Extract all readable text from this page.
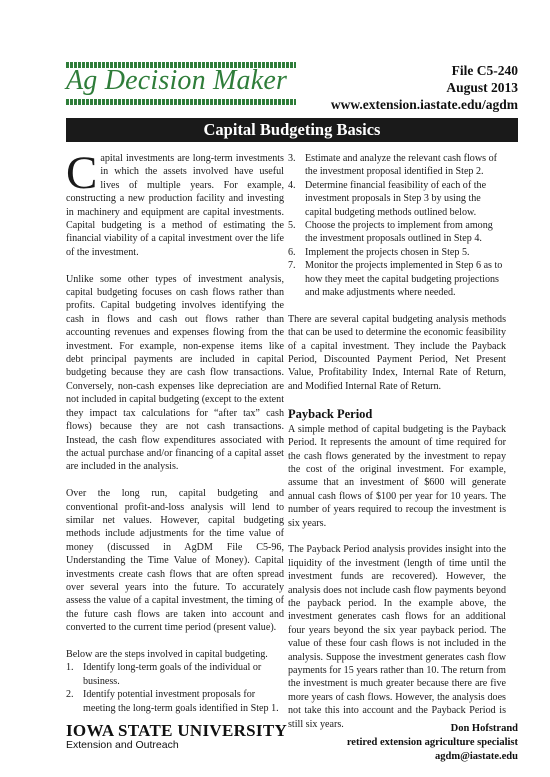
Ag Decision Maker	File C5-240
August 2013
www.extension.iastate.edu/agdm
Capital Budgeting Basics

Capital investments are long-term investments in which the assets involved have useful lives of multiple years. For example, constructing a new production facility and investing in machinery and equipment are capital investments. Capital budgeting is a method of estimating the financial viability of a capital investment over the life of the investment.

Unlike some other types of investment analysis, capital budgeting focuses on cash flows rather than profits. Capital budgeting involves identifying the cash in flows and cash out flows rather than accounting revenues and expenses flowing from the investment. For example, non-expense items like debt principal payments are included in capital budgeting because they are cash flow transactions. Conversely, non-cash expenses like depreciation are not included in capital budgeting (except to the extent they impact tax calculations for “after tax” cash flows) because they are not cash transactions. Instead, the cash flow expenditures associated with the actual purchase and/or financing of a capital asset are included in the analysis.

Over the long run, capital budgeting and conventional profit-and-loss analysis will lend to similar net values. However, capital budgeting methods include adjustments for the time value of money (discussed in AgDM File C5-96, Understanding the Time Value of Money). Capital investments create cash flows that are often spread over several years into the future. To accurately assess the value of a capital investment, the timing of the future cash flows are taken into account and converted to the current time period (present value).

Below are the steps involved in capital budgeting.

1. Identify long-term goals of the individual or business.
2. Identify potential investment proposals for meeting the long-term goals identified in Step 1.
3. Estimate and analyze the relevant cash flows of the investment proposal identified in Step 2.
4. Determine financial feasibility of each of the investment proposals in Step 3 by using the capital budgeting methods outlined below.
5. Choose the projects to implement from among the investment proposals outlined in Step 4.
6. Implement the projects chosen in Step 5.
7. Monitor the projects implemented in Step 6 as to how they meet the capital budgeting projections and make adjustments where needed.

There are several capital budgeting analysis methods that can be used to determine the economic feasibility of a capital investment. They include the Payback Period, Discounted Payment Period, Net Present Value, Profitability Index, Internal Rate of Return, and Modified Internal Rate of Return.

Payback Period

A simple method of capital budgeting is the Payback Period. It represents the amount of time required for the cash flows generated by the investment to repay the cost of the original investment. For example, assume that an investment of $600 will generate annual cash flows of $100 per year for 10 years. The number of years required to recoup the investment is six years.

The Payback Period analysis provides insight into the liquidity of the investment (length of time until the investment funds are recovered). However, the analysis does not include cash flow payments beyond the payback period. In the example above, the investment generates cash flows for an additional four years beyond the six year payback period. The value of these four cash flows is not included in the analysis. Suppose the investment generates cash flow payments for 15 years rather than 10. The return from the investment is much greater because there are five more years of cash flows. However, the analysis does not take this into account and the Payback Period is still six years.

IOWA STATE UNIVERSITY
Extension and Outreach
Don Hofstrand
retired extension agriculture specialist
agdm@iastate.edu
